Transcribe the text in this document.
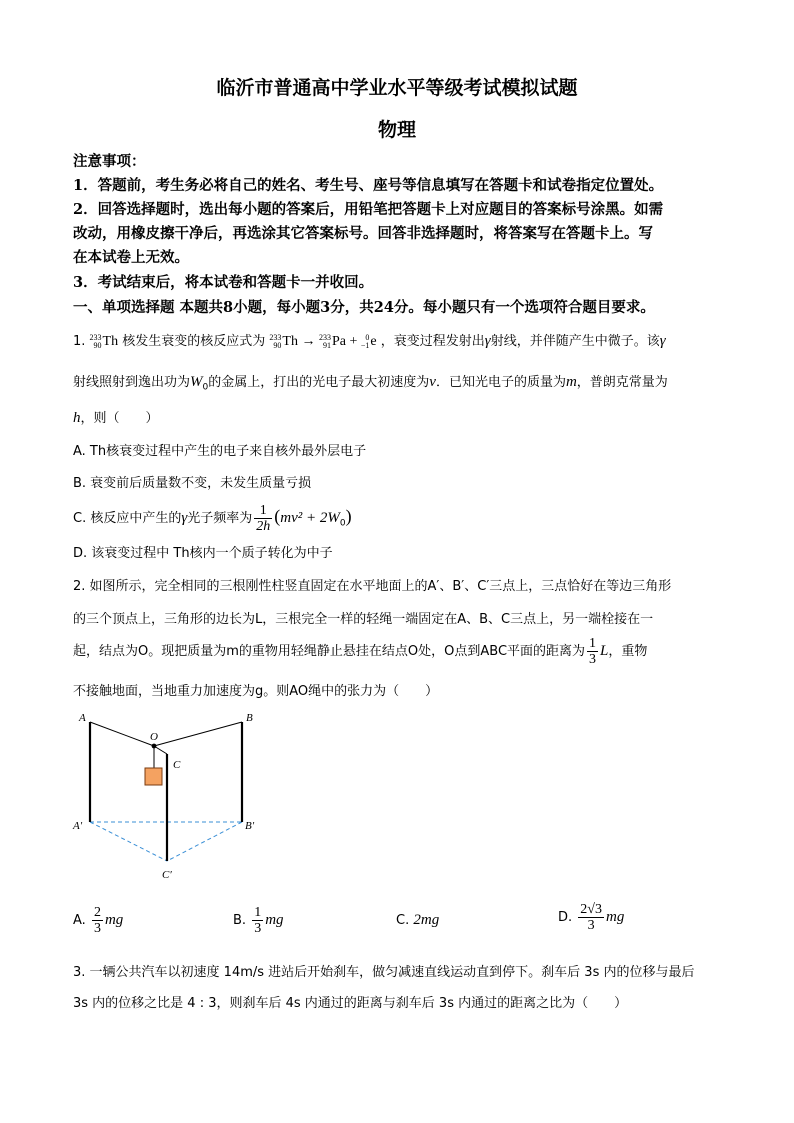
临沂市普通高中学业水平等级考试模拟试题
物理
注意事项：
1．答题前，考生务必将自己的姓名、考生号、座号等信息填写在答题卡和试卷指定位置处。
2．回答选择题时，选出每小题的答案后，用铅笔把答题卡上对应题目的答案标号涂黑。如需
改动，用橡皮擦干净后，再选涂其它答案标号。回答非选择题时，将答案写在答题卡上。写
在本试卷上无效。
3．考试结束后，将本试卷和答题卡一并收回。
一、单项选择题 本题共8小题，每小题3分，共24分。每小题只有一个选项符合题目要求。
1. 233
90Th 核发生衰变的核反应式为 233
90Th → 233
91Pa + 0
−1e ，衰变过程发射出γ射线，并伴随产生中微子。该γ
射线照射到逸出功为$W_0$的金属上，打出的光电子最大初速度为v．已知光电子的质量为m，普朗克常量为
h，则（　　）
A. Th核衰变过程中产生的电子来自核外最外层电子
B. 衰变前后质量数不变，未发生质量亏损
C. 核反应中产生的γ光子频率为 $\frac{1}{2h} (mv^2 + 2W_0)$
D. 该衰变过程中 Th核内一个质子转化为中子
2. 如图所示，完全相同的三根刚性柱竖直固定在水平地面上的A′、B′、C′三点上，三点恰好在等边三角形
的三个顶点上，三角形的边长为L，三根完全一样的轻绳一端固定在A、B、C三点上，另一端栓接在一
起，结点为O。现把质量为m的重物用轻绳静止悬挂在结点O处，O点到ABC平面的距离为 $\frac{1}{3}$ L，重物
不接触地面，当地重力加速度为g。则AO绳中的张力为（　　）
A	B
O
C
A′	B′
C′
A. $\frac{2}{3}$ mg	B. $\frac{1}{3}$ mg	C. 2mg	D. $\frac{2√3}{3}$ mg
3. 一辆公共汽车以初速度 14m/s 进站后开始刹车，做匀减速直线运动直到停下。刹车后 3s 内的位移与最后
3s 内的位移之比是 4 : 3，则刹车后 4s 内通过的距离与刹车后 3s 内通过的距离之比为（　　）
